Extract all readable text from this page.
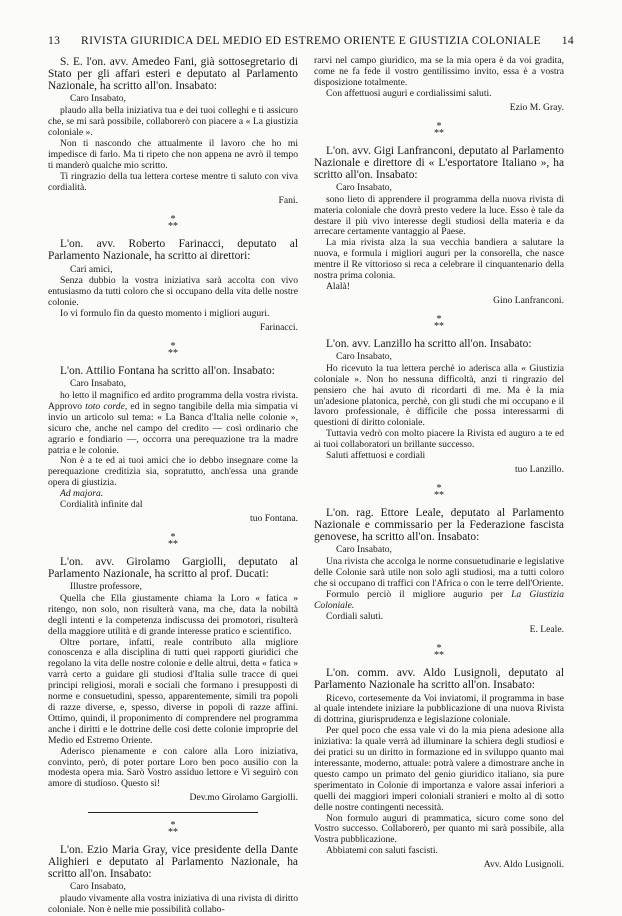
13 RIVISTA GIURIDICA DEL MEDIO ED ESTREMO ORIENTE E GIUSTIZIA COLONIALE 14

S. E. l'on. avv. Amedeo Fani, già sottosegretario di Stato per gli affari esteri e deputato al Parlamento Nazionale, ha scritto all'on. Insabato:

Caro Insabato,

plaudo alla bella iniziativa tua e dei tuoi colleghi e ti assicuro che, se mi sarà possibile, collaborerò con piacere a « La giustizia coloniale ».

Non ti nascondo che attualmente il lavoro che ho mi impedisce di farlo. Ma ti ripeto che non appena ne avrò il tempo ti manderò qualche mio scritto.

Ti ringrazio della tua lettera cortese mentre ti saluto con viva cordialità.

Fani.

*
**

L'on. avv. Roberto Farinacci, deputato al Parlamento Nazionale, ha scritto ai direttori:

Cari amici,

Senza dubbio la vostra iniziativa sarà accolta con vivo entusiasmo da tutti coloro che si occupano della vita delle nostre colonie.

Io vi formulo fin da questo momento i migliori auguri.

Farinacci.

*
**

L'on. Attilio Fontana ha scritto all'on. Insabato:

Caro Insabato,

ho letto il magnifico ed ardito programma della vostra rivista. Approvo toto corde, ed in segno tangibile della mia simpatia vi invio un articolo sul tema: « La Banca d'Italia nelle colonie », sicuro che, anche nel campo del credito — così ordinario che agrario e fondiario —, occorra una perequazione tra la madre patria e le colonie.

Non è a te ed ai tuoi amici che io debbo insegnare come la perequazione creditizia sia, sopratutto, anch'essa una grande opera di giustizia.

Ad majora.

Cordialità infinite dal

tuo Fontana.

*
**

L'on. avv. Girolamo Gargiolli, deputato al Parlamento Nazionale, ha scritto al prof. Ducati:

Illustre professore,

Quella che Ella giustamente chiama la Loro « fatica » ritengo, non solo, non risulterà vana, ma che, data la nobiltà degli intenti e la competenza indiscussa dei promotori, risulterà della maggiore utilità e di grande interesse pratico e scientifico.

Oltre portare, infatti, reale contributo alla migliore conoscenza e alla disciplina di tutti quei rapporti giuridici che regolano la vita delle nostre colonie e delle altrui, detta « fatica » varrà certo a guidare gli studiosi d'Italia sulle tracce di quei principi religiosi, morali e sociali che formano i presupposti di norme e consuetudini, spesso, apparentemente, simili tra popoli di razze diverse, e, spesso, diverse in popoli di razze affini. Ottimo, quindi, il proponimento di comprendere nel programma anche i diritti e le dottrine delle così dette colonie improprie del Medio ed Estremo Oriente.

Aderisco pienamente e con calore alla Loro iniziativa, convinto, però, di poter portare Loro ben poco ausilio con la modesta opera mia. Sarò Vostro assiduo lettore e Vi seguirò con amore di studioso. Questo sì!

Dev.mo Girolamo Gargiolli.

*
**

L'on. Ezio Maria Gray, vice presidente della Dante Alighieri e deputato al Parlamento Nazionale, ha scritto all'on. Insabato:

Caro Insabato,

plaudo vivamente alla vostra iniziativa di una rivista di diritto coloniale. Non è nelle mie possibilità collabo-

rarvi nel campo giuridico, ma se la mia opera è da voi gradita, come ne fa fede il vostro gentilissimo invito, essa è a vostra disposizione totalmente.

Con affettuosi auguri e cordialissimi saluti.

Ezio M. Gray.

*
**

L'on. avv. Gigi Lanfranconi, deputato al Parlamento Nazionale e direttore di « L'esportatore Italiano », ha scritto all'on. Insabato:

Caro Insabato,

sono lieto di apprendere il programma della nuova rivista di materia coloniale che dovrà presto vedere la luce. Esso è tale da destare il più vivo interesse degli studiosi della materia e da arrecare certamente vantaggio al Paese.

La mia rivista alza la sua vecchia bandiera a salutare la nuova, e formula i migliori auguri per la consorella, che nasce mentre il Re vittorioso si reca a celebrare il cinquantenario della nostra prima colonia.

Alalà!

Gino Lanfranconi.

*
**

L'on. avv. Lanzillo ha scritto all'on. Insabato:

Caro Insabato,

Ho ricevuto la tua lettera perchè io aderisca alla « Giustizia coloniale ». Non ho nessuna difficoltà, anzi ti ringrazio del pensiero che hai avuto di ricordarti di me. Ma è la mia un'adesione platonica, perchè, con gli studi che mi occupano e il lavoro professionale, è difficile che possa interessarmi di questioni di diritto coloniale.

Tuttavia vedrò con molto piacere la Rivista ed auguro a te ed ai tuoi collaboratori un brillante successo.

Saluti affettuosi e cordiali

tuo Lanzillo.

*
**

L'on. rag. Ettore Leale, deputato al Parlamento Nazionale e commissario per la Federazione fascista genovese, ha scritto all'on. Insabato:

Caro Insabato,

Una rivista che accolga le norme consuetudinarie e legislative delle Colonie sarà utile non solo agli studiosi, ma a tutti coloro che si occupano di traffici con l'Africa o con le terre dell'Oriente.

Formulo perciò il migliore augurio per La Giustizia Coloniale.

Cordiali saluti.

E. Leale.

*
**

L'on. comm. avv. Aldo Lusignoli, deputato al Parlamento Nazionale ha scritto all'on. Insabato:

Ricevo, cortesemente da Voi inviatomi, il programma in base al quale intendete iniziare la pubblicazione di una nuova Rivista di dottrina, giurisprudenza e legislazione coloniale.

Per quel poco che essa vale vi do la mia piena adesione alla iniziativa: la quale verrà ad illuminare la schiera degli studiosi e dei pratici su un diritto in formazione ed in sviluppo quanto mai interessante, moderno, attuale: potrà valere a dimostrare anche in questo campo un primato del genio giuridico italiano, sia pure sperimentato in Colonie di importanza e valore assai inferiori a quelli dei maggiori imperi coloniali stranieri e molto al di sotto delle nostre contingenti necessità.

Non formulo auguri di prammatica, sicuro come sono del Vostro successo. Collaborerò, per quanto mi sarà possibile, alla Vostra pubblicazione.

Abbiatemi con saluti fascisti.

Avv. Aldo Lusignoli.
